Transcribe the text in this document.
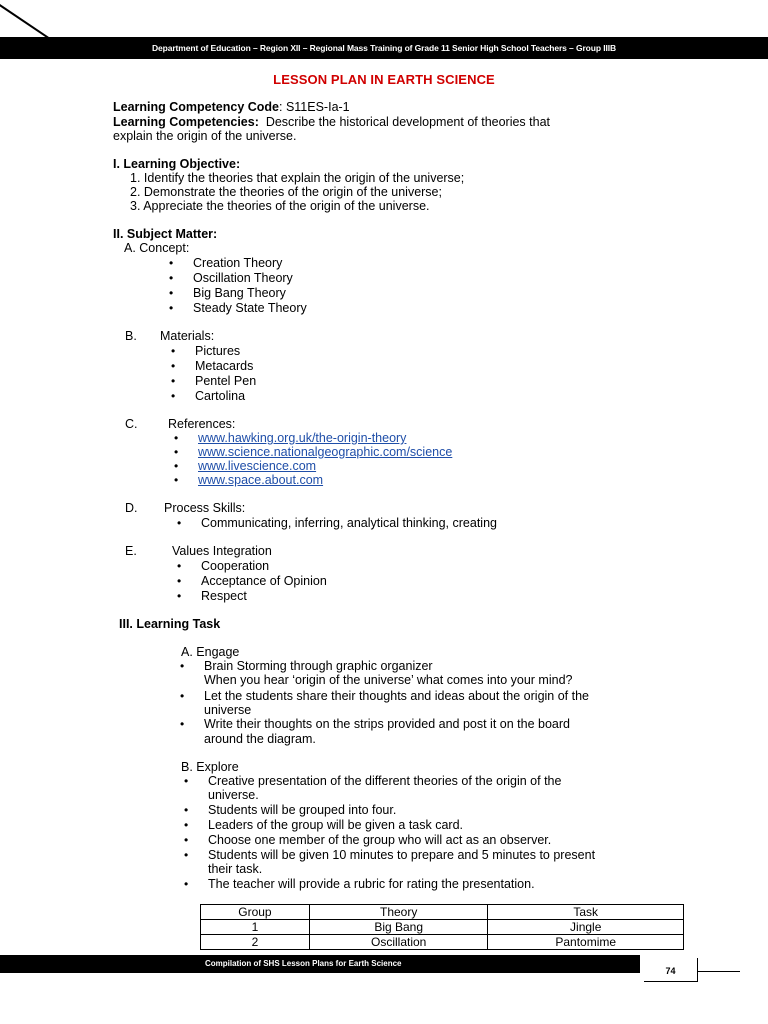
Department of Education – Region XII – Regional Mass Training of Grade 11 Senior High School Teachers – Group IIIB
LESSON PLAN IN EARTH SCIENCE
Learning Competency Code: S11ES-Ia-1
Learning Competencies: Describe the historical development of theories that
explain the origin of the universe.
I. Learning Objective:
1. Identify the theories that explain the origin of the universe;
2. Demonstrate the theories of the origin of the universe;
3. Appreciate the theories of the origin of the universe.
II. Subject Matter:
A. Concept:
• Creation Theory
• Oscillation Theory
• Big Bang Theory
• Steady State Theory
B. Materials:
• Pictures
• Metacards
• Pentel Pen
• Cartolina
C. References:
• www.hawking.org.uk/the-origin-theory
• www.science.nationalgeographic.com/science
• www.livescience.com
• www.space.about.com
D. Process Skills:
• Communicating, inferring, analytical thinking, creating
E.	Values Integration
• Cooperation
• Acceptance of Opinion
• Respect
III. Learning Task
A. Engage
• Brain Storming through graphic organizer
When you hear ‘origin of the universe’ what comes into your mind?
• Let the students share their thoughts and ideas about the origin of the
universe
• Write their thoughts on the strips provided and post it on the board
around the diagram.
B. Explore
• Creative presentation of the different theories of the origin of the
universe.
• Students will be grouped into four.
• Leaders of the group will be given a task card.
• Choose one member of the group who will act as an observer.
• Students will be given 10 minutes to prepare and 5 minutes to present
their task.
• The teacher will provide a rubric for rating the presentation.
Group	Theory	Task
1	Big Bang	Jingle
2	Oscillation	Pantomime
Compilation of SHS Lesson Plans for Earth Science
74
